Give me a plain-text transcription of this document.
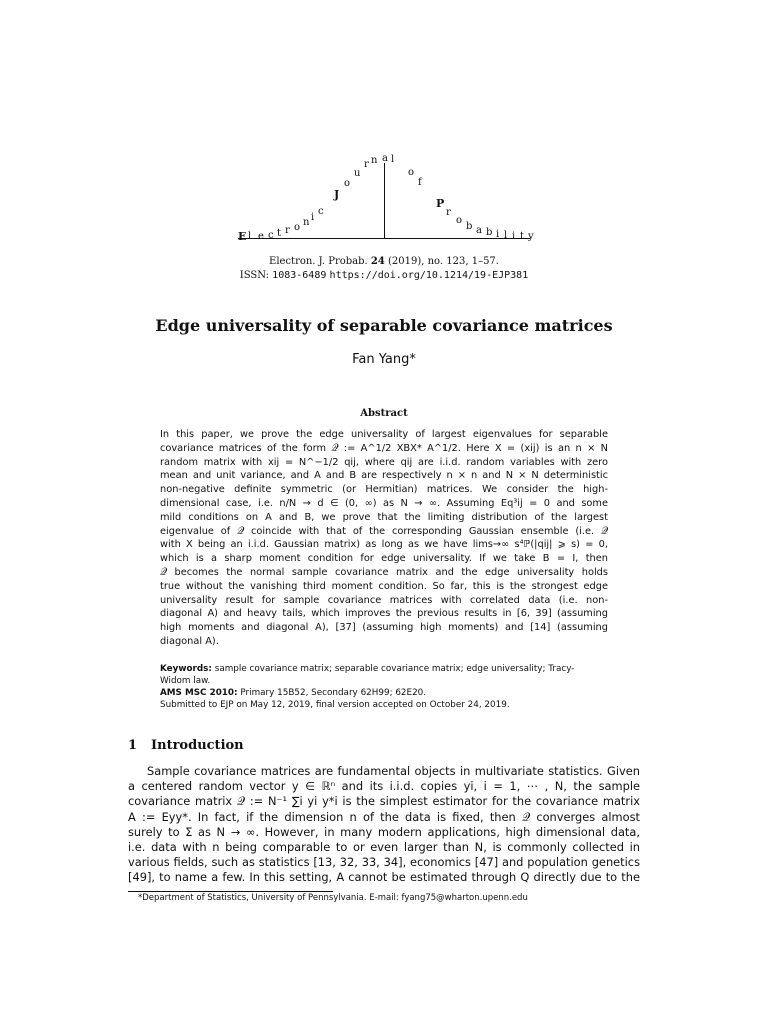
E l e c t r o n i
c
J
o
u
r n a l
o
f
P
r
o
b a b i l i t y
Electron. J. Probab. 24 (2019), no. 123, 1–57.
ISSN: 1083-6489 https://doi.org/10.1214/19-EJP381
Edge universality of separable covariance matrices
Fan Yang*
Abstract
In this paper, we prove the edge universality of largest eigenvalues for separable
covariance matrices of the form 𝒬 := A^1/2 XBX* A^1/2. Here X = (xij) is an n × N
random matrix with xij = N^−1/2 qij, where qij are i.i.d. random variables with zero
mean and unit variance, and A and B are respectively n × n and N × N deterministic
non-negative definite symmetric (or Hermitian) matrices. We consider the high-
dimensional case, i.e. n/N → d ∈ (0, ∞) as N → ∞. Assuming Eq³ij = 0 and some
mild conditions on A and B, we prove that the limiting distribution of the largest
eigenvalue of 𝒬 coincide with that of the corresponding Gaussian ensemble (i.e. 𝒬
with X being an i.i.d. Gaussian matrix) as long as we have lims→∞ s⁴ℙ(|qij| ⩾ s) = 0,
which is a sharp moment condition for edge universality. If we take B = I, then
𝒬 becomes the normal sample covariance matrix and the edge universality holds
true without the vanishing third moment condition. So far, this is the strongest edge
universality result for sample covariance matrices with correlated data (i.e. non-
diagonal A) and heavy tails, which improves the previous results in [6, 39] (assuming
high moments and diagonal A), [37] (assuming high moments) and [14] (assuming
diagonal A).
Keywords: sample covariance matrix; separable covariance matrix; edge universality; Tracy-
Widom law.
AMS MSC 2010: Primary 15B52, Secondary 62H99; 62E20.
Submitted to EJP on May 12, 2019, final version accepted on October 24, 2019.
1 Introduction
Sample covariance matrices are fundamental objects in multivariate statistics. Given
a centered random vector y ∈ ℝⁿ and its i.i.d. copies yi, i = 1, ⋯ , N, the sample
covariance matrix 𝒬 := N⁻¹ ∑i yi y*i is the simplest estimator for the covariance matrix
A := Eyy*. In fact, if the dimension n of the data is fixed, then 𝒬 converges almost
surely to Σ as N → ∞. However, in many modern applications, high dimensional data,
i.e. data with n being comparable to or even larger than N, is commonly collected in
various fields, such as statistics [13, 32, 33, 34], economics [47] and population genetics
[49], to name a few. In this setting, A cannot be estimated through Q directly due to the
*Department of Statistics, University of Pennsylvania. E-mail: fyang75@wharton.upenn.edu
